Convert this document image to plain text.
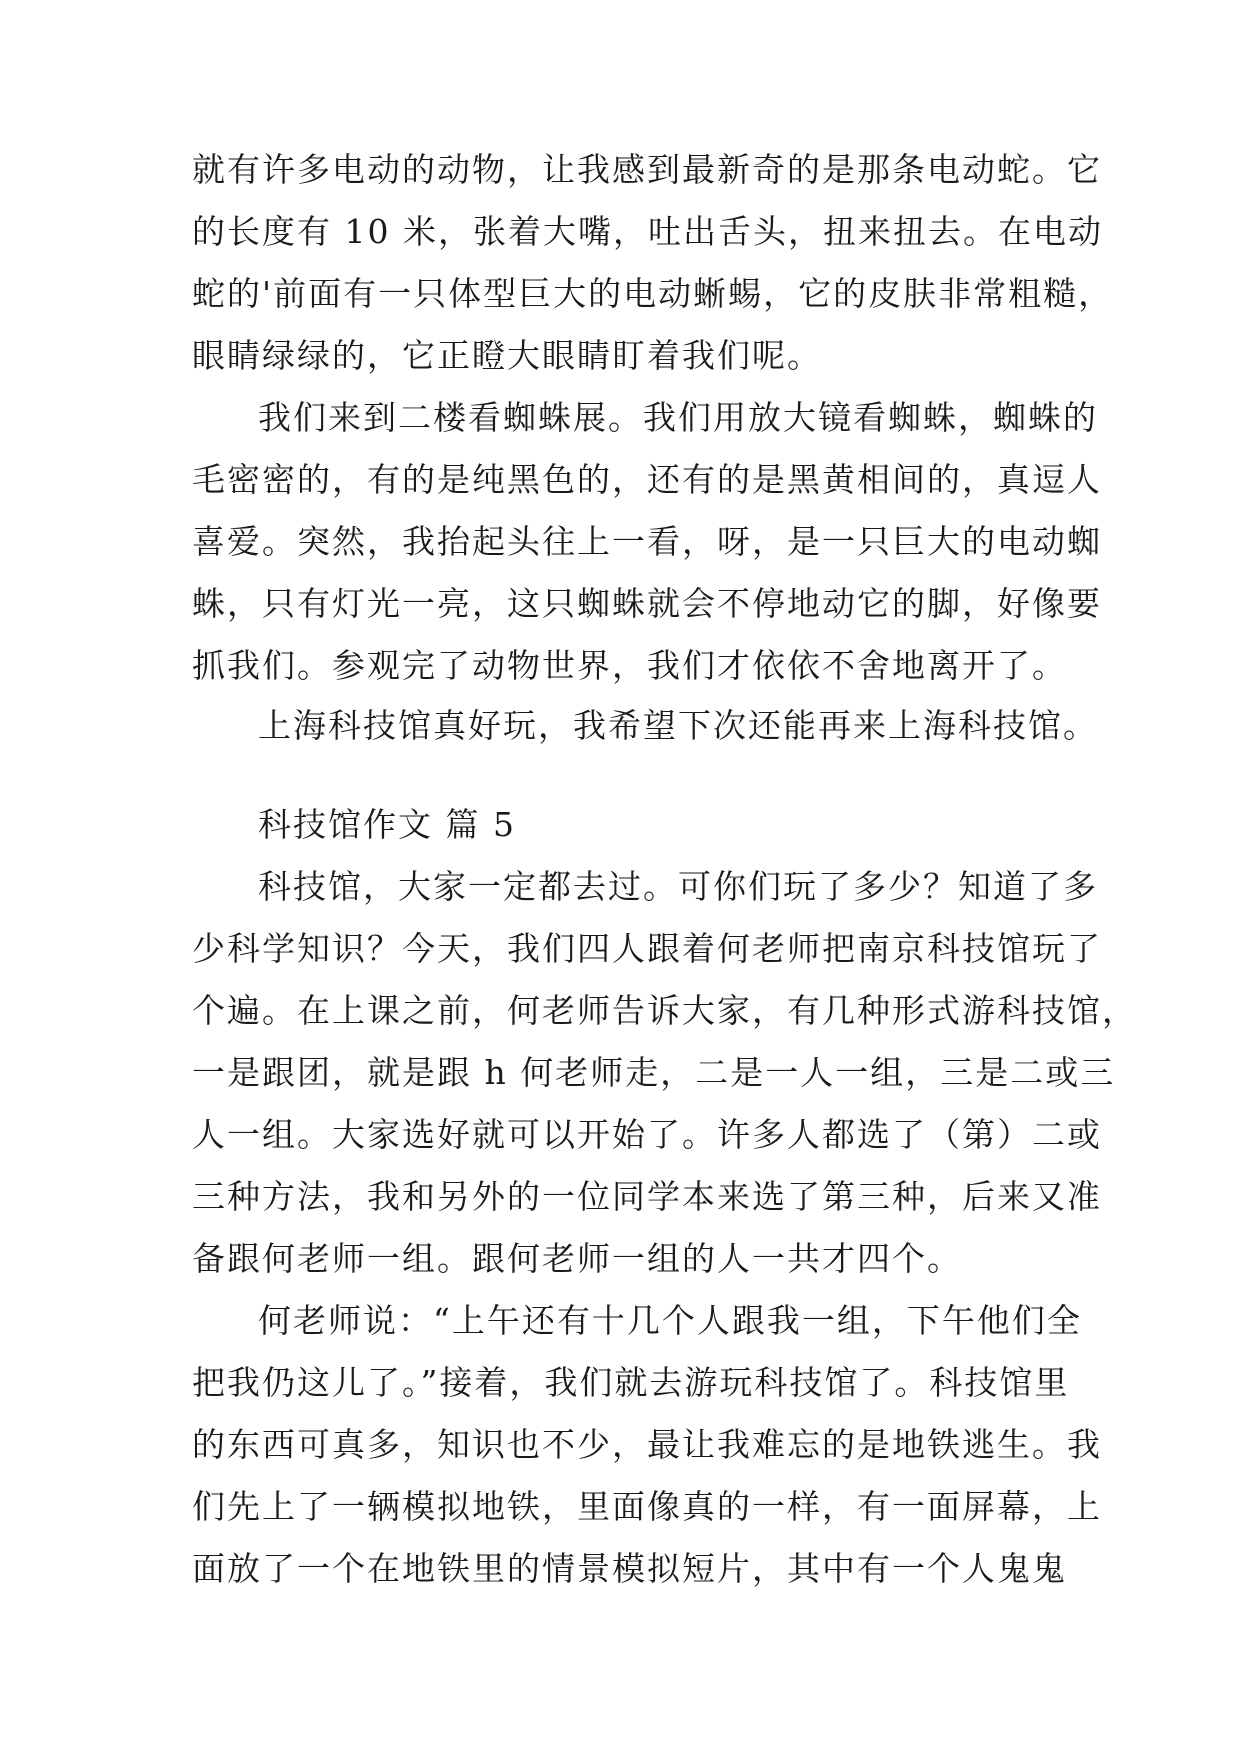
就有许多电动的动物，让我感到最新奇的是那条电动蛇。它
的长度有 10 米，张着大嘴，吐出舌头，扭来扭去。在电动
蛇的'前面有一只体型巨大的电动蜥蜴，它的皮肤非常粗糙，
眼睛绿绿的，它正瞪大眼睛盯着我们呢。
我们来到二楼看蜘蛛展。我们用放大镜看蜘蛛，蜘蛛的
毛密密的，有的是纯黑色的，还有的是黑黄相间的，真逗人
喜爱。突然，我抬起头往上一看，呀，是一只巨大的电动蜘
蛛，只有灯光一亮，这只蜘蛛就会不停地动它的脚，好像要
抓我们。参观完了动物世界，我们才依依不舍地离开了。
上海科技馆真好玩，我希望下次还能再来上海科技馆。
科技馆作文 篇 5
科技馆，大家一定都去过。可你们玩了多少？知道了多
少科学知识？今天，我们四人跟着何老师把南京科技馆玩了
个遍。在上课之前，何老师告诉大家，有几种形式游科技馆，
一是跟团，就是跟 h 何老师走，二是一人一组，三是二或三
人一组。大家选好就可以开始了。许多人都选了（第）二或
三种方法，我和另外的一位同学本来选了第三种，后来又准
备跟何老师一组。跟何老师一组的人一共才四个。
何老师说：“上午还有十几个人跟我一组，下午他们全
把我仍这儿了。”接着，我们就去游玩科技馆了。科技馆里
的东西可真多，知识也不少，最让我难忘的是地铁逃生。我
们先上了一辆模拟地铁，里面像真的一样，有一面屏幕，上
面放了一个在地铁里的情景模拟短片，其中有一个人鬼鬼
